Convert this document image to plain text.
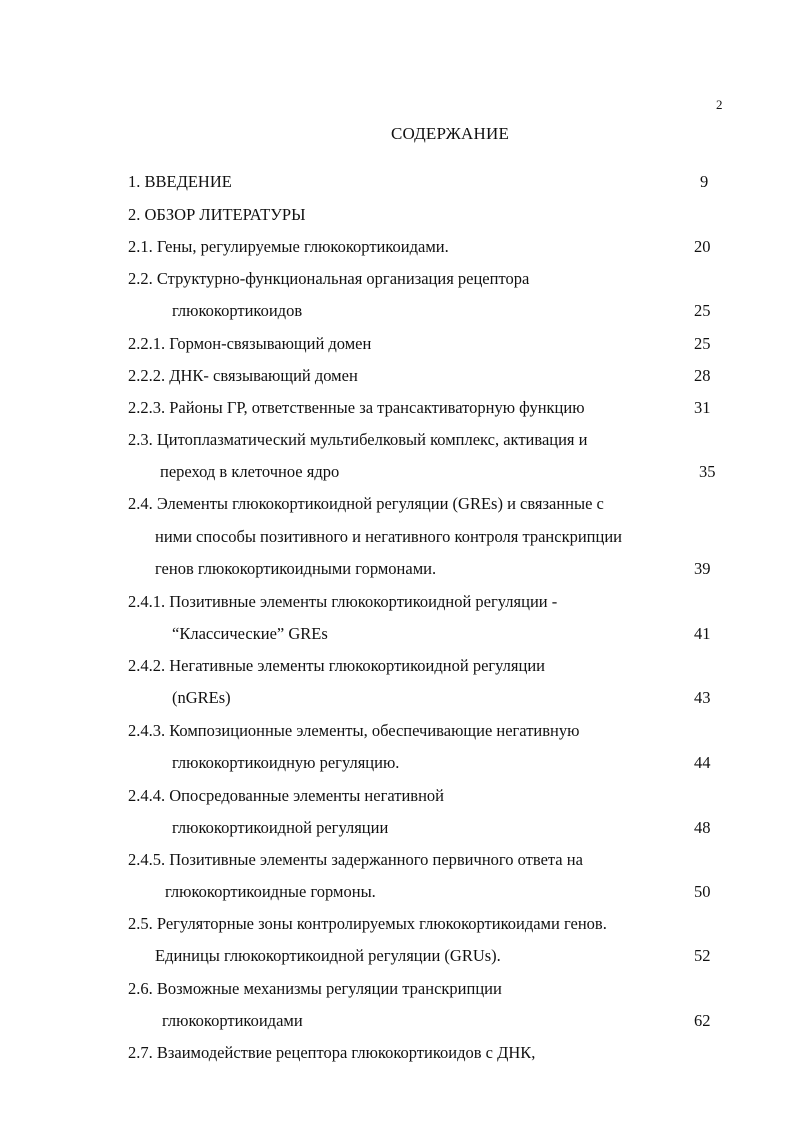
2
СОДЕРЖАНИЕ
1. ВВЕДЕНИЕ	9
2. ОБЗОР ЛИТЕРАТУРЫ
2.1. Гены, регулируемые глюкокортикоидами.	20
2.2. Структурно-функциональная организация рецептора
глюкокортикоидов	25
2.2.1. Гормон-связывающий домен	25
2.2.2. ДНК- связывающий домен	28
2.2.3. Районы ГР, ответственные за трансактиваторную функцию	31
2.3. Цитоплазматический мультибелковый комплекс, активация и
переход в клеточное ядро	35
2.4. Элементы глюкокортикоидной регуляции (GREs) и связанные с
ними способы позитивного и негативного контроля транскрипции
генов глюкокортикоидными гормонами.	39
2.4.1. Позитивные элементы глюкокортикоидной регуляции -
“Классические” GREs	41
2.4.2. Негативные элементы глюкокортикоидной регуляции
(nGREs)	43
2.4.3. Композиционные элементы, обеспечивающие негативную
глюкокортикоидную регуляцию.	44
2.4.4. Опосредованные элементы негативной
глюкокортикоидной регуляции	48
2.4.5. Позитивные элементы задержанного первичного ответа на
глюкокортикоидные гормоны.	50
2.5. Регуляторные зоны контролируемых глюкокортикоидами генов.
Единицы глюкокортикоидной регуляции (GRUs).	52
2.6. Возможные механизмы регуляции транскрипции
глюкокортикоидами	62
2.7. Взаимодействие рецептора глюкокортикоидов с ДНК,
